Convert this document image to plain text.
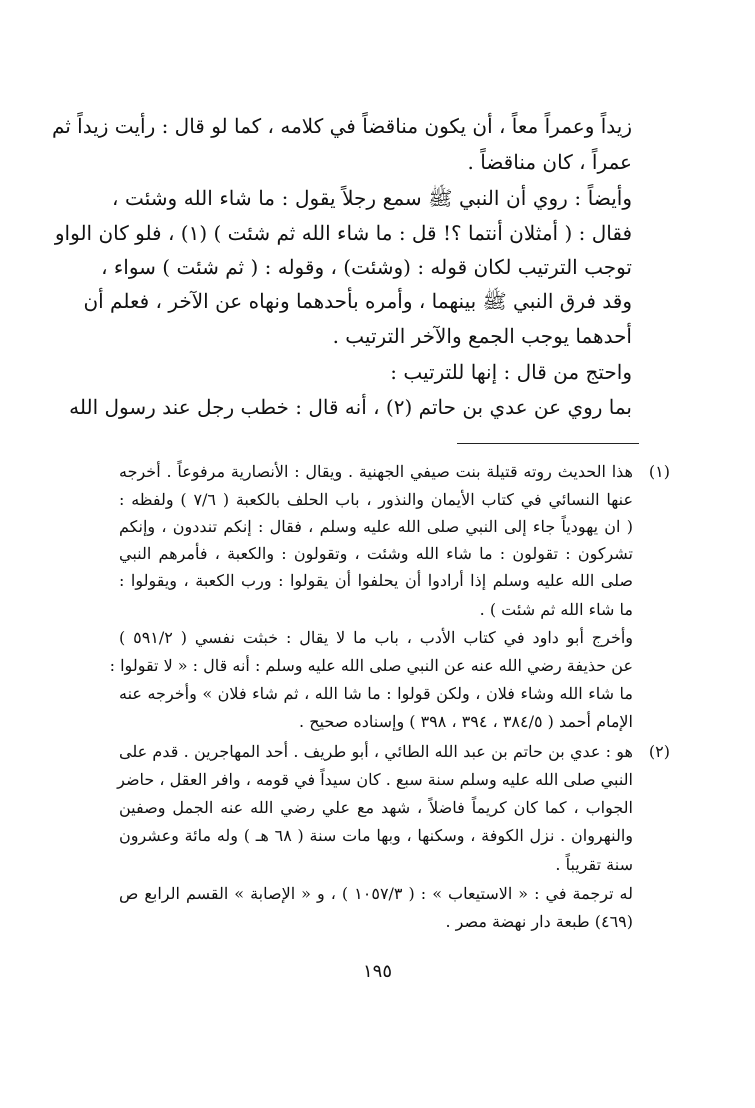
زيداً وعمراً معاً ، أن يكون مناقضاً في كلامه ، كما لو قال : رأيت زيداً ثم
عمراً ، كان مناقضاً .
وأيضاً : روي أن النبي ﷺ سمع رجلاً يقول : ما شاء الله وشئت ،
فقال : ( أمثلان أنتما ؟! قل : ما شاء الله ثم شئت ) (١) ، فلو كان الواو
توجب الترتيب لكان قوله : (وشئت) ، وقوله : ( ثم شئت ) سواء ،
وقد فرق النبي ﷺ بينهما ، وأمره بأحدهما ونهاه عن الآخر ، فعلم أن
أحدهما يوجب الجمع والآخر الترتيب .
واحتج من قال : إنها للترتيب :
بما روي عن عدي بن حاتم (٢) ، أنه قال : خطب رجل عند رسول الله
(١)
هذا الحديث روته قتيلة بنت صيفي الجهنية . ويقال : الأنصارية مرفوعاً . أخرجه
عنها النسائي في كتاب الأيمان والنذور ، باب الحلف بالكعبة ( ٧/٦ ) ولفظه :
( ان يهودياً جاء إلى النبي صلى الله عليه وسلم ، فقال : إنكم تنددون ، وإنكم
تشركون : تقولون : ما شاء الله وشئت ، وتقولون : والكعبة ، فأمرهم النبي
صلى الله عليه وسلم إذا أرادوا أن يحلفوا أن يقولوا : ورب الكعبة ، ويقولوا :
ما شاء الله ثم شئت ) .
وأخرج أبو داود في كتاب الأدب ، باب ما لا يقال : خبثت نفسي ( ٥٩١/٢ )
عن حذيفة رضي الله عنه عن النبي صلى الله عليه وسلم : أنه قال : « لا تقولوا :
ما شاء الله وشاء فلان ، ولكن قولوا : ما شا الله ، ثم شاء فلان » وأخرجه عنه
الإمام أحمد ( ٣٨٤/٥ ، ٣٩٤ ، ٣٩٨ ) وإسناده صحيح .
(٢)
هو : عدي بن حاتم بن عبد الله الطائي ، أبو طريف . أحد المهاجرين . قدم على
النبي صلى الله عليه وسلم سنة سبع . كان سيداً في قومه ، وافر العقل ، حاضر
الجواب ، كما كان كريماً فاضلاً ، شهد مع علي رضي الله عنه الجمل وصفين
والنهروان . نزل الكوفة ، وسكنها ، وبها مات سنة ( ٦٨ هـ ) وله مائة وعشرون
سنة تقريباً .
له ترجمة في : « الاستيعاب » : ( ١٠٥٧/٣ ) ، و « الإصابة » القسم الرابع ص
(٤٦٩) طبعة دار نهضة مصر .
١٩٥
